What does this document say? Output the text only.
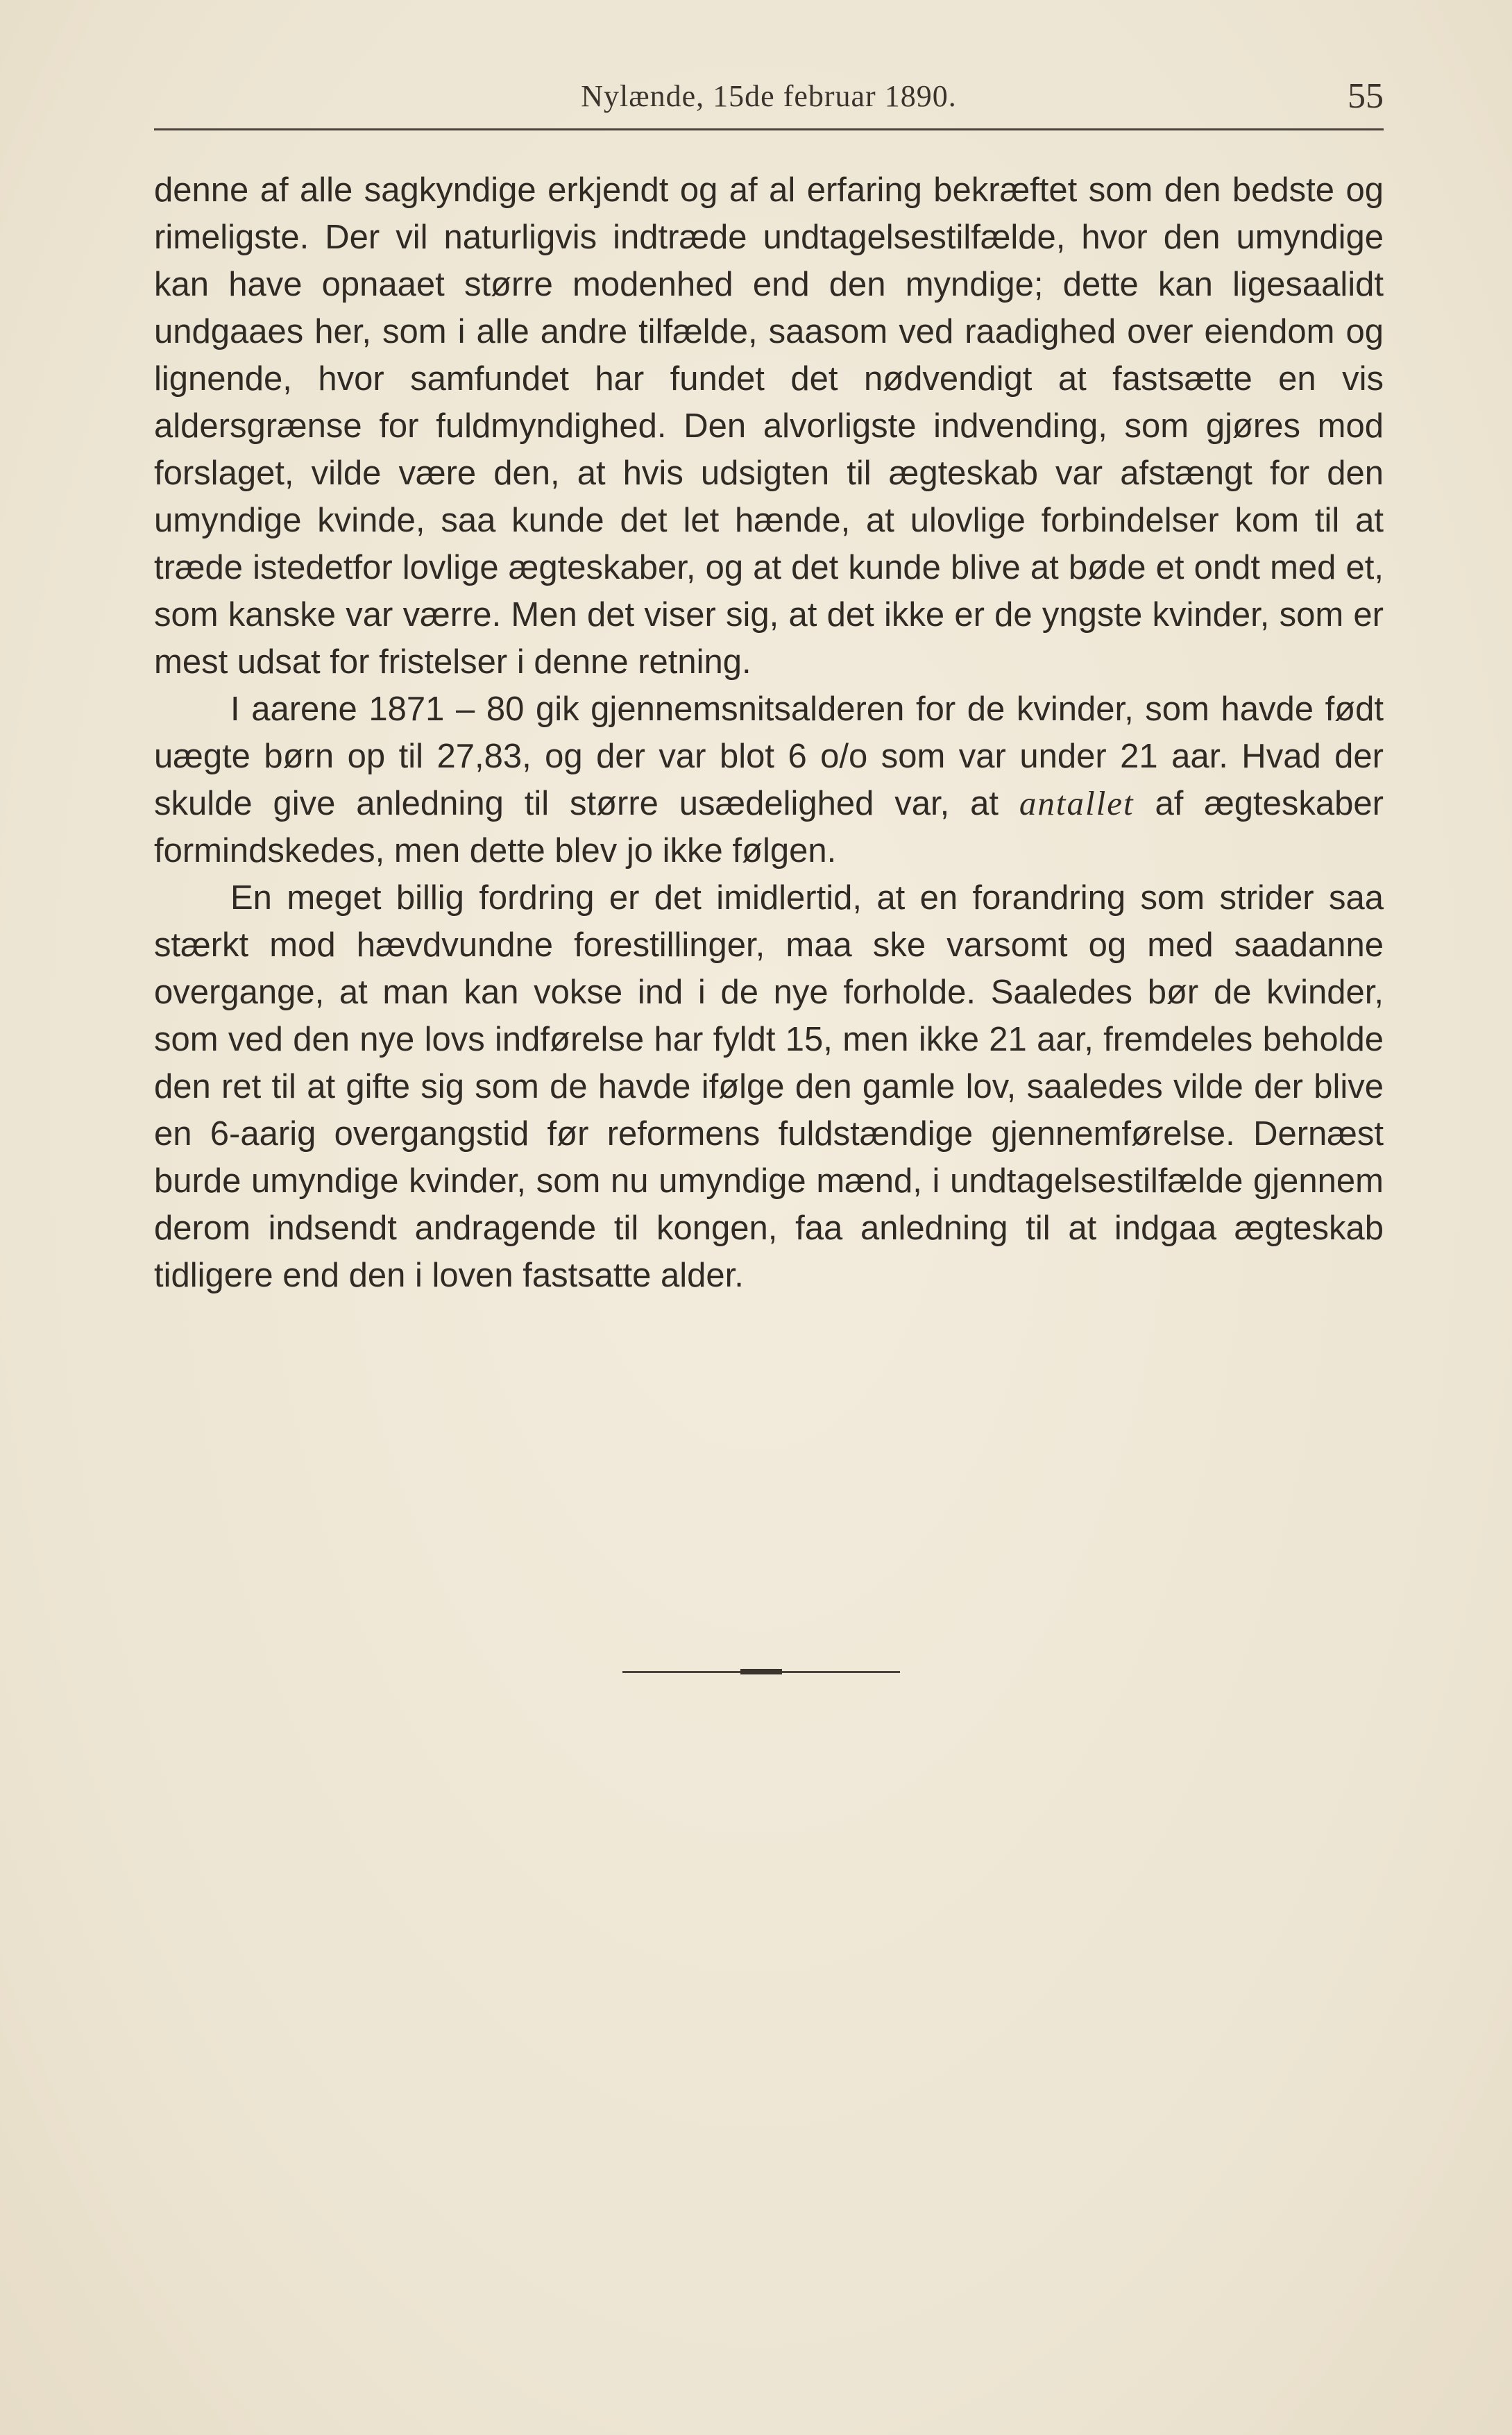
Nylænde, 15de februar 1890.	55

denne af alle sagkyndige erkjendt og af al erfaring bekræftet som den bedste og rimeligste. Der vil naturligvis indtræde undtagelsestilfælde, hvor den umyndige kan have opnaaet større modenhed end den myndige; dette kan ligesaalidt undgaaes her, som i alle andre tilfælde, saasom ved raadighed over eiendom og lignende, hvor samfundet har fundet det nødvendigt at fastsætte en vis aldersgrænse for fuldmyndighed. Den alvorligste indvending, som gjøres mod forslaget, vilde være den, at hvis udsigten til ægteskab var afstængt for den umyndige kvinde, saa kunde det let hænde, at ulovlige forbindelser kom til at træde istedetfor lovlige ægteskaber, og at det kunde blive at bøde et ondt med et, som kanske var værre. Men det viser sig, at det ikke er de yngste kvinder, som er mest udsat for fristelser i denne retning.

I aarene 1871 – 80 gik gjennemsnitsalderen for de kvinder, som havde født uægte børn op til 27,83, og der var blot 6 o/o som var under 21 aar. Hvad der skulde give anledning til større usædelighed var, at antallet af ægteskaber formindskedes, men dette blev jo ikke følgen.

En meget billig fordring er det imidlertid, at en forandring som strider saa stærkt mod hævdvundne forestillinger, maa ske varsomt og med saadanne overgange, at man kan vokse ind i de nye forholde. Saaledes bør de kvinder, som ved den nye lovs indførelse har fyldt 15, men ikke 21 aar, fremdeles beholde den ret til at gifte sig som de havde ifølge den gamle lov, saaledes vilde der blive en 6-aarig overgangstid før reformens fuldstændige gjennemførelse. Dernæst burde umyndige kvinder, som nu umyndige mænd, i undtagelsestilfælde gjennem derom indsendt andragende til kongen, faa anledning til at indgaa ægteskab tidligere end den i loven fastsatte alder.
